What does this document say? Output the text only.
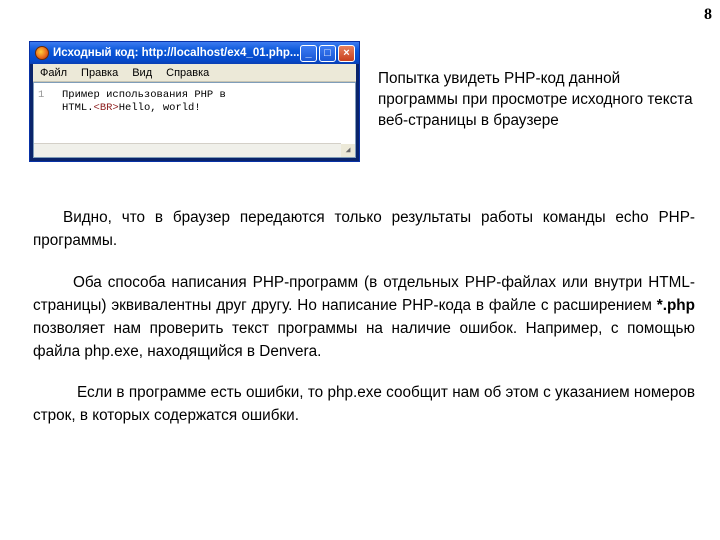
8
Исходный код: http://localhost/ex4_01.php... _	□	×
Файл	Правка	Вид	Справка
1 Пример использования PHP в
HTML.<BR>Hello, world!
◢
Попытка увидеть PHP-код данной программы при просмотре исходного текста веб-страницы в браузере

Видно, что в браузер передаются только результаты работы команды echo PHP-программы.

Оба способа написания PHP-программ (в отдельных PHP-файлах или внутри HTML-страницы) эквивалентны друг другу. Но написание PHP-кода в файле с расширением *.php позволяет нам проверить текст программы на наличие ошибок. Например, с помощью файла php.exe, находящийся в Denvera.

Если в программе есть ошибки, то php.exe сообщит нам об этом с указанием номеров строк, в которых содержатся ошибки.
